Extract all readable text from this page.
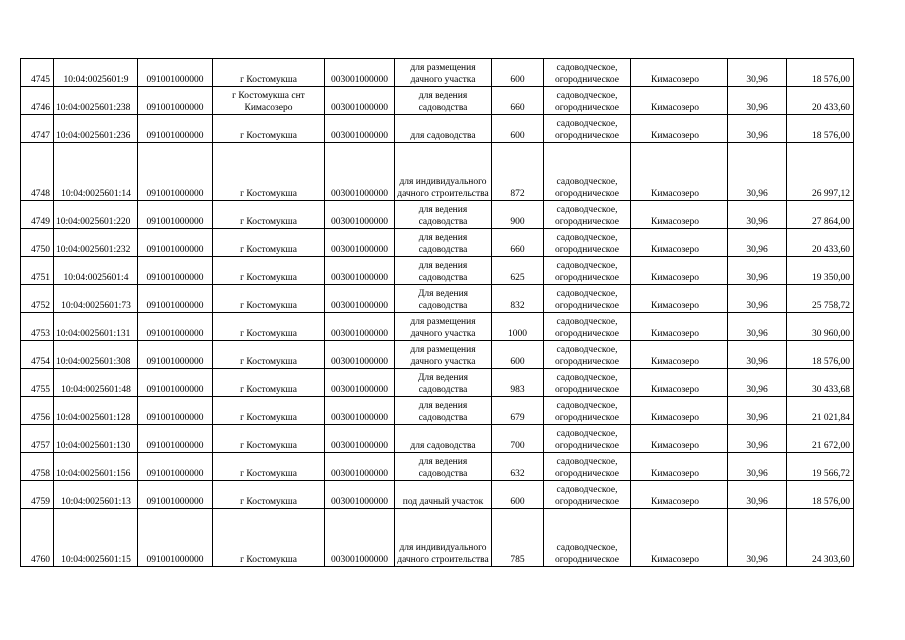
4745	10:04:0025601:9	091001000000	г Костомукша	003001000000	для размещения дачного участка	600	садоводческое, огородническое	Кимасозеро	30,96	18 576,00
4746	10:04:0025601:238	091001000000	г Костомукша снт Кимасозеро	003001000000	для ведения садоводства	660	садоводческое, огородническое	Кимасозеро	30,96	20 433,60
4747	10:04:0025601:236	091001000000	г Костомукша	003001000000	для садоводства	600	садоводческое, огородническое	Кимасозеро	30,96	18 576,00
4748	10:04:0025601:14	091001000000	г Костомукша	003001000000	для индивидуального дачного строительства	872	садоводческое, огородническое	Кимасозеро	30,96	26 997,12
4749	10:04:0025601:220	091001000000	г Костомукша	003001000000	для ведения садоводства	900	садоводческое, огородническое	Кимасозеро	30,96	27 864,00
4750	10:04:0025601:232	091001000000	г Костомукша	003001000000	для ведения садоводства	660	садоводческое, огородническое	Кимасозеро	30,96	20 433,60
4751	10:04:0025601:4	091001000000	г Костомукша	003001000000	для ведения садоводства	625	садоводческое, огородническое	Кимасозеро	30,96	19 350,00
4752	10:04:0025601:73	091001000000	г Костомукша	003001000000	Для ведения садоводства	832	садоводческое, огородническое	Кимасозеро	30,96	25 758,72
4753	10:04:0025601:131	091001000000	г Костомукша	003001000000	для размещения дачного участка	1000	садоводческое, огородническое	Кимасозеро	30,96	30 960,00
4754	10:04:0025601:308	091001000000	г Костомукша	003001000000	для размещения дачного участка	600	садоводческое, огородническое	Кимасозеро	30,96	18 576,00
4755	10:04:0025601:48	091001000000	г Костомукша	003001000000	Для ведения садоводства	983	садоводческое, огородническое	Кимасозеро	30,96	30 433,68
4756	10:04:0025601:128	091001000000	г Костомукша	003001000000	для ведения садоводства	679	садоводческое, огородническое	Кимасозеро	30,96	21 021,84
4757	10:04:0025601:130	091001000000	г Костомукша	003001000000	для садоводства	700	садоводческое, огородническое	Кимасозеро	30,96	21 672,00
4758	10:04:0025601:156	091001000000	г Костомукша	003001000000	для ведения садоводства	632	садоводческое, огородническое	Кимасозеро	30,96	19 566,72
4759	10:04:0025601:13	091001000000	г Костомукша	003001000000	под дачный участок	600	садоводческое, огородническое	Кимасозеро	30,96	18 576,00
4760	10:04:0025601:15	091001000000	г Костомукша	003001000000	для индивидуального дачного строительства	785	садоводческое, огородническое	Кимасозеро	30,96	24 303,60
